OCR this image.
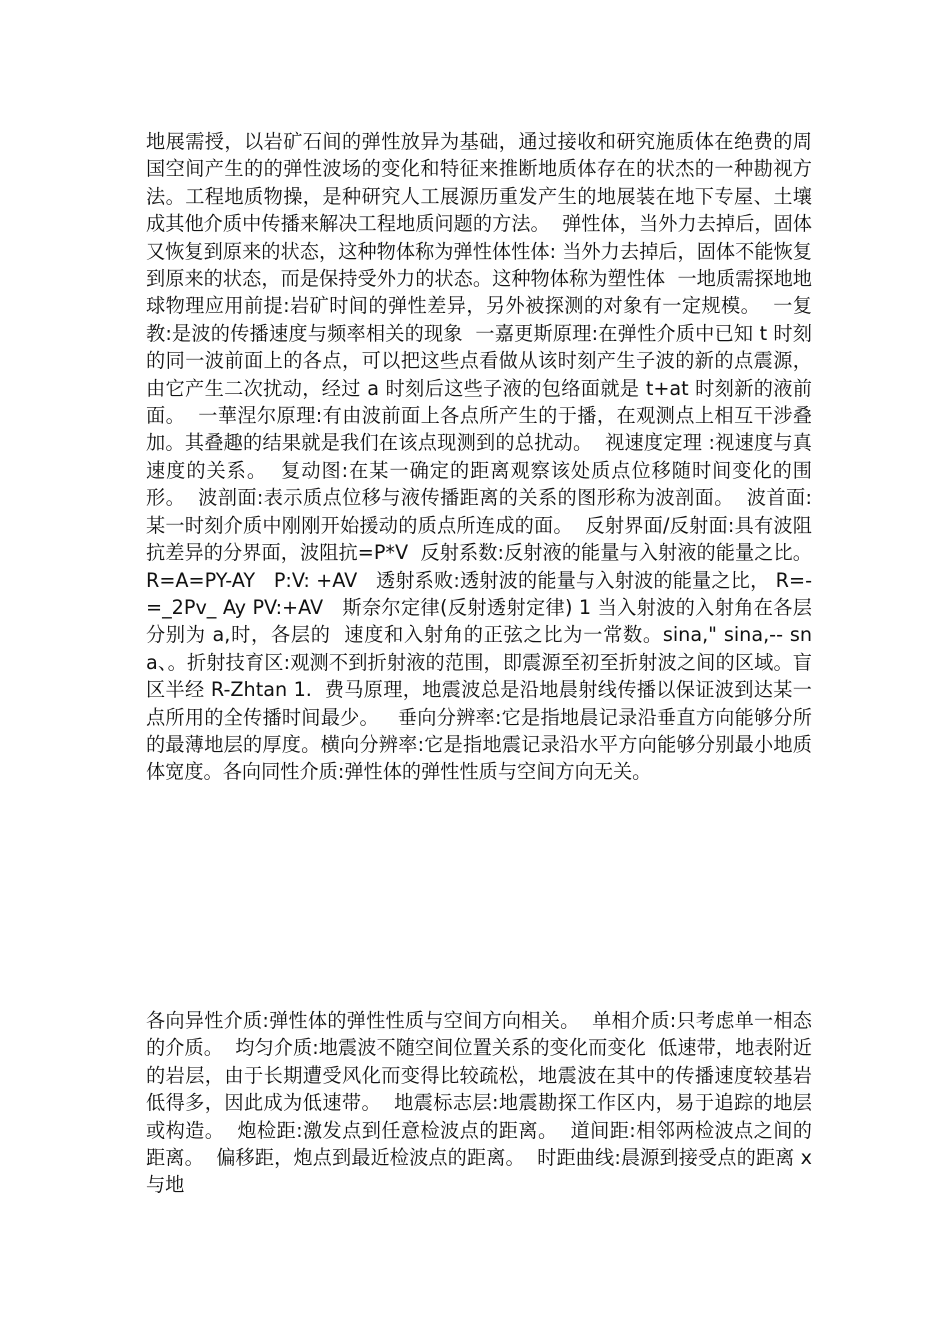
地展需授，以岩矿石间的弹性放异为基础，通过接收和研究施质体在绝费的周国空间产生的的弹性波场的变化和特征来推断地质体存在的状杰的一种勘视方法。工程地质物操，是种研究人工展源历重发产生的地展装在地下专屋、土壤成其他介质中传播来解决工程地质问题的方法。  弹性体，当外力去掉后，固体又恢复到原来的状态，这种物体称为弹性体性体: 当外力去掉后，固体不能恢复到原来的状态，而是保持受外力的状态。这种物体称为塑性体  一地质需探地地球物理应用前提:岩矿时间的弹性差异，另外被探测的对象有一定规模。  一复教:是波的传播速度与频率相关的现象  一嘉更斯原理:在弹性介质中已知 t 时刻的同一波前面上的各点，可以把这些点看做从该时刻产生子波的新的点震源，由它产生二次扰动，经过 a 时刻后这些子液的包络面就是 t+at 时刻新的液前面。  一華涅尔原理:有由波前面上各点所产生的于播，在观测点上相互干涉叠加。其叠趣的结果就是我们在该点现测到的总扰动。  视速度定理 :视速度与真速度的关系。  复动图:在某一确定的距离观察该处质点位移随时间变化的围形。  波剖面:表示质点位移与液传播距离的关系的图形称为波剖面。  波首面:某一时刻介质中刚刚开始援动的质点所连成的面。  反射界面/反射面:具有波阻抗差异的分界面，波阻抗=P*V  反射系数:反射液的能量与入射液的能量之比。 R=A=PY-AY   P:V: +AV   透射系败:透射波的能量与入射波的能量之比， R=-=_2Pv_ Ay PV:+AV   斯奈尔定律(反射透射定律) 1 当入射波的入射角在各层分别为 a,时，各层的  速度和入射角的正弦之比为一常数。sina," sina,-- sna、。折射技育区:观测不到折射液的范围，即震源至初至折射波之间的区域。盲区半经 R-Zhtan 1.  费马原理，地震波总是沿地晨射线传播以保证波到达某一 点所用的全传播时间最少。   垂向分辨率:它是指地晨记录沿垂直方向能够分所的最薄地层的厚度。横向分辨率:它是指地震记录沿水平方向能够分别最小地质体宽度。各向同性介质:弹性体的弹性性质与空间方向无关。

各向异性介质:弹性体的弹性性质与空间方向相关。  单相介质:只考虑单一相态的介质。  均匀介质:地震波不随空间位置关系的变化而变化  低速带，地表附近的岩层，由于长期遭受风化而变得比较疏松，地震波在其中的传播速度较基岩低得多，因此成为低速带。  地震标志层:地震勘探工作区内，易于追踪的地层或构造。  炮检距:激发点到任意检波点的距离。  道间距:相邻两检波点之间的距离。  偏移距，炮点到最近检波点的距离。  时距曲线:晨源到接受点的距离 x 与地
